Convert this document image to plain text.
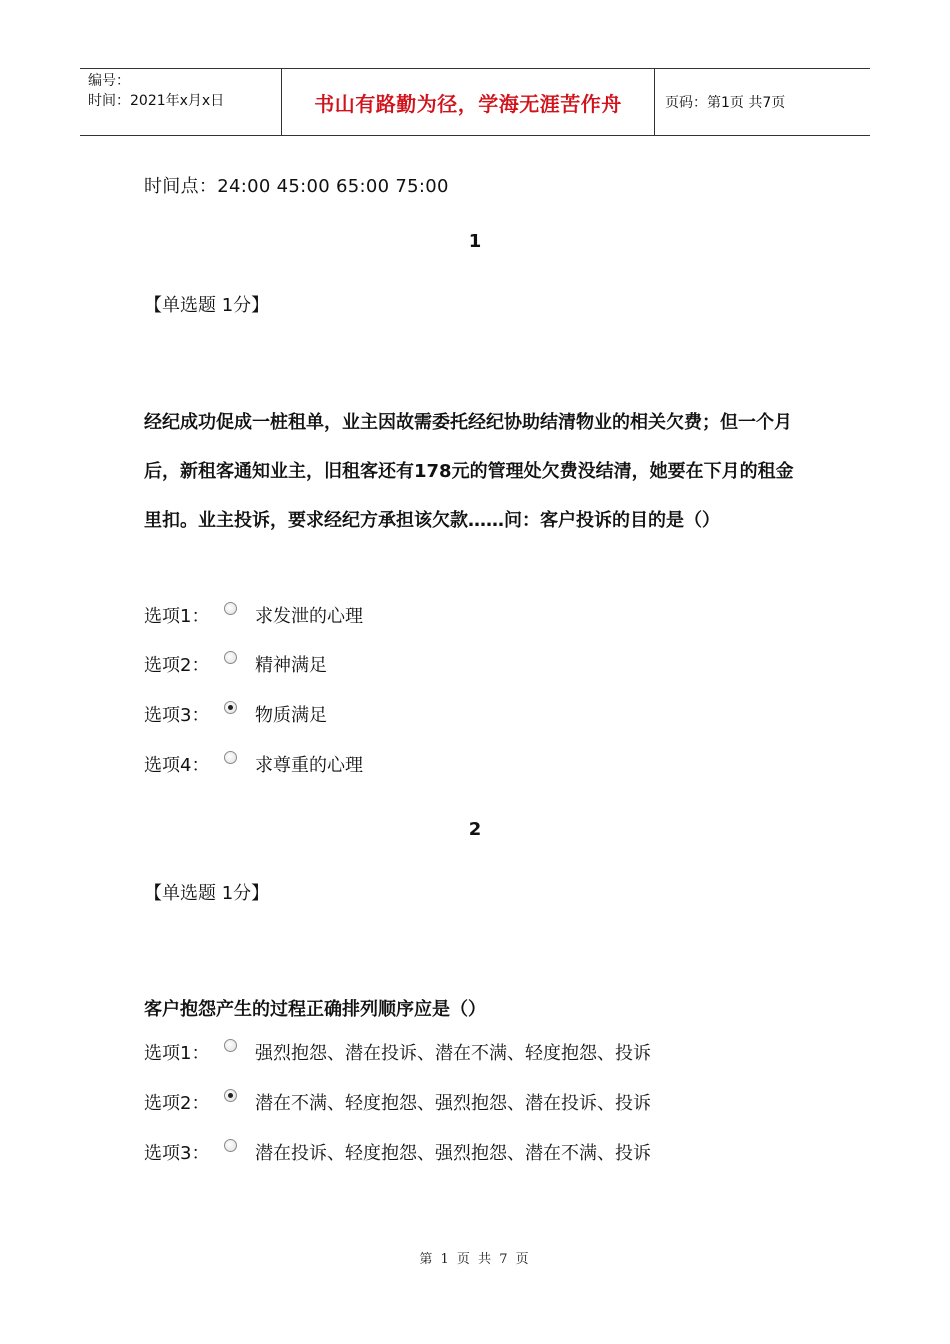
编号：
时间：2021年x月x日	书山有路勤为径，学海无涯苦作舟	页码：第1页 共7页
时间点：24:00 45:00 65:00 75:00
1
【单选题 1分】
经纪成功促成一桩租单，业主因故需委托经纪协助结清物业的相关欠费；但一个月后，新租客通知业主，旧租客还有178元的管理处欠费没结清，她要在下月的租金里扣。业主投诉，要求经纪方承担该欠款……问：客户投诉的目的是（）
选项1：	求发泄的心理
选项2：	精神满足
选项3：	物质满足
选项4：	求尊重的心理
2
【单选题 1分】
客户抱怨产生的过程正确排列顺序应是（）
选项1：	强烈抱怨、潜在投诉、潜在不满、轻度抱怨、投诉
选项2：	潜在不满、轻度抱怨、强烈抱怨、潜在投诉、投诉
选项3：	潜在投诉、轻度抱怨、强烈抱怨、潜在不满、投诉
第 1 页 共 7 页
